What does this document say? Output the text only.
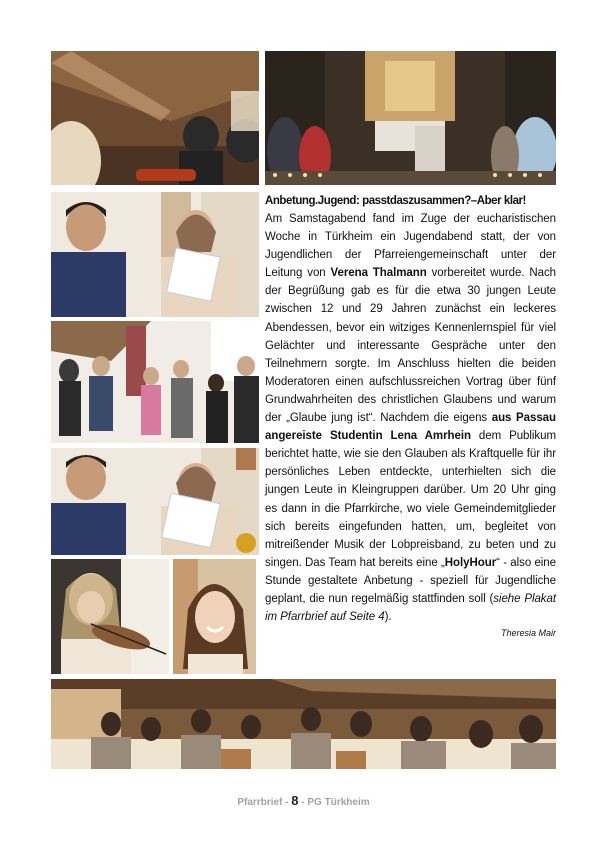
Anbetung.Jugend: passtdaszusammen?–Aber klar!
Am Samstagabend fand im Zuge der eucharistischen Woche in Türkheim ein Jugendabend statt, der von Jugendlichen der Pfarreiengemeinschaft unter der Leitung von Verena Thalmann vorbereitet wurde. Nach der Begrüßung gab es für die etwa 30 jungen Leute zwischen 12 und 29 Jahren zunächst ein leckeres Abendessen, bevor ein witziges Kennenlernspiel für viel Gelächter und interessante Gespräche unter den Teilnehmern sorgte. Im Anschluss hielten die beiden Moderatoren einen aufschlussreichen Vortrag über fünf Grundwahrheiten des christlichen Glaubens und warum der „Glaube jung ist“. Nachdem die eigens aus Passau angereiste Studentin Lena Amrhein dem Publikum berichtet hatte, wie sie den Glauben als Kraftquelle für ihr persönliches Leben entdeckte, unterhielten sich die jungen Leute in Kleingruppen darüber. Um 20 Uhr ging es dann in die Pfarrkirche, wo viele Gemeindemitglieder sich bereits eingefunden hatten, um, begleitet von mitreißender Musik der Lobpreisband, zu beten und zu singen. Das Team hat bereits eine „HolyHour“ - also eine Stunde gestaltete Anbetung - speziell für Jugendliche geplant, die nun regelmäßig stattfinden soll (siehe Plakat im Pfarrbrief auf Seite 4).
Theresia Mair
Pfarrbrief - 8 - PG Türkheim
